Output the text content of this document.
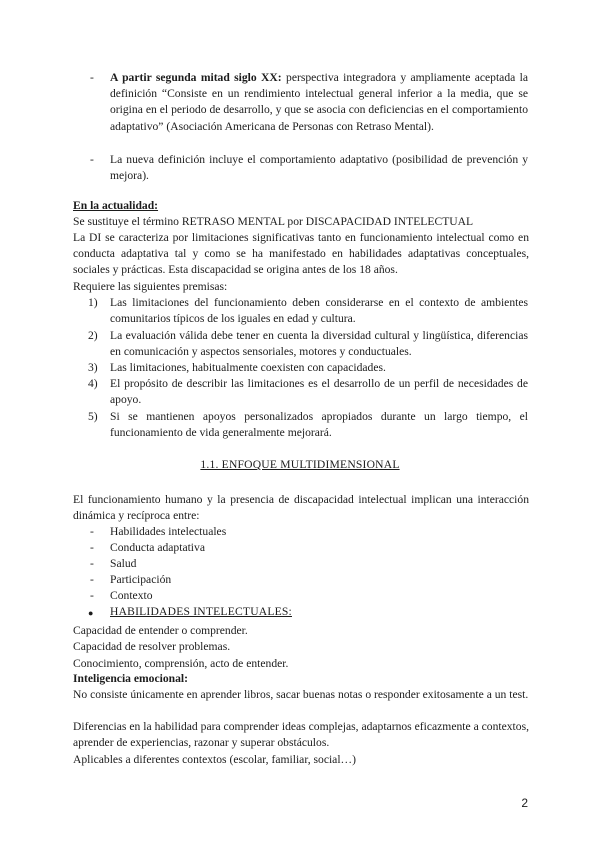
- A partir segunda mitad siglo XX: perspectiva integradora y ampliamente aceptada la definición “Consiste en un rendimiento intelectual general inferior a la media, que se origina en el periodo de desarrollo, y que se asocia con deficiencias en el comportamiento adaptativo” (Asociación Americana de Personas con Retraso Mental).
- La nueva definición incluye el comportamiento adaptativo (posibilidad de prevención y mejora).
En la actualidad:
Se sustituye el término RETRASO MENTAL por DISCAPACIDAD INTELECTUAL
La DI se caracteriza por limitaciones significativas tanto en funcionamiento intelectual como en conducta adaptativa tal y como se ha manifestado en habilidades adaptativas conceptuales, sociales y prácticas. Esta discapacidad se origina antes de los 18 años.
Requiere las siguientes premisas:
1) Las limitaciones del funcionamiento deben considerarse en el contexto de ambientes comunitarios típicos de los iguales en edad y cultura.
2) La evaluación válida debe tener en cuenta la diversidad cultural y lingüística, diferencias en comunicación y aspectos sensoriales, motores y conductuales.
3) Las limitaciones, habitualmente coexisten con capacidades.
4) El propósito de describir las limitaciones es el desarrollo de un perfil de necesidades de apoyo.
5) Si se mantienen apoyos personalizados apropiados durante un largo tiempo, el funcionamiento de vida generalmente mejorará.
1.1. ENFOQUE MULTIDIMENSIONAL
El funcionamiento humano y la presencia de discapacidad intelectual implican una interacción dinámica y recíproca entre:
- Habilidades intelectuales
- Conducta adaptativa
- Salud
- Participación
- Contexto
● HABILIDADES INTELECTUALES:
Capacidad de entender o comprender.
Capacidad de resolver problemas.
Conocimiento, comprensión, acto de entender.
Inteligencia emocional:
No consiste únicamente en aprender libros, sacar buenas notas o responder exitosamente a un test.
Diferencias en la habilidad para comprender ideas complejas, adaptarnos eficazmente a contextos, aprender de experiencias, razonar y superar obstáculos.
Aplicables a diferentes contextos (escolar, familiar, social…)
2
